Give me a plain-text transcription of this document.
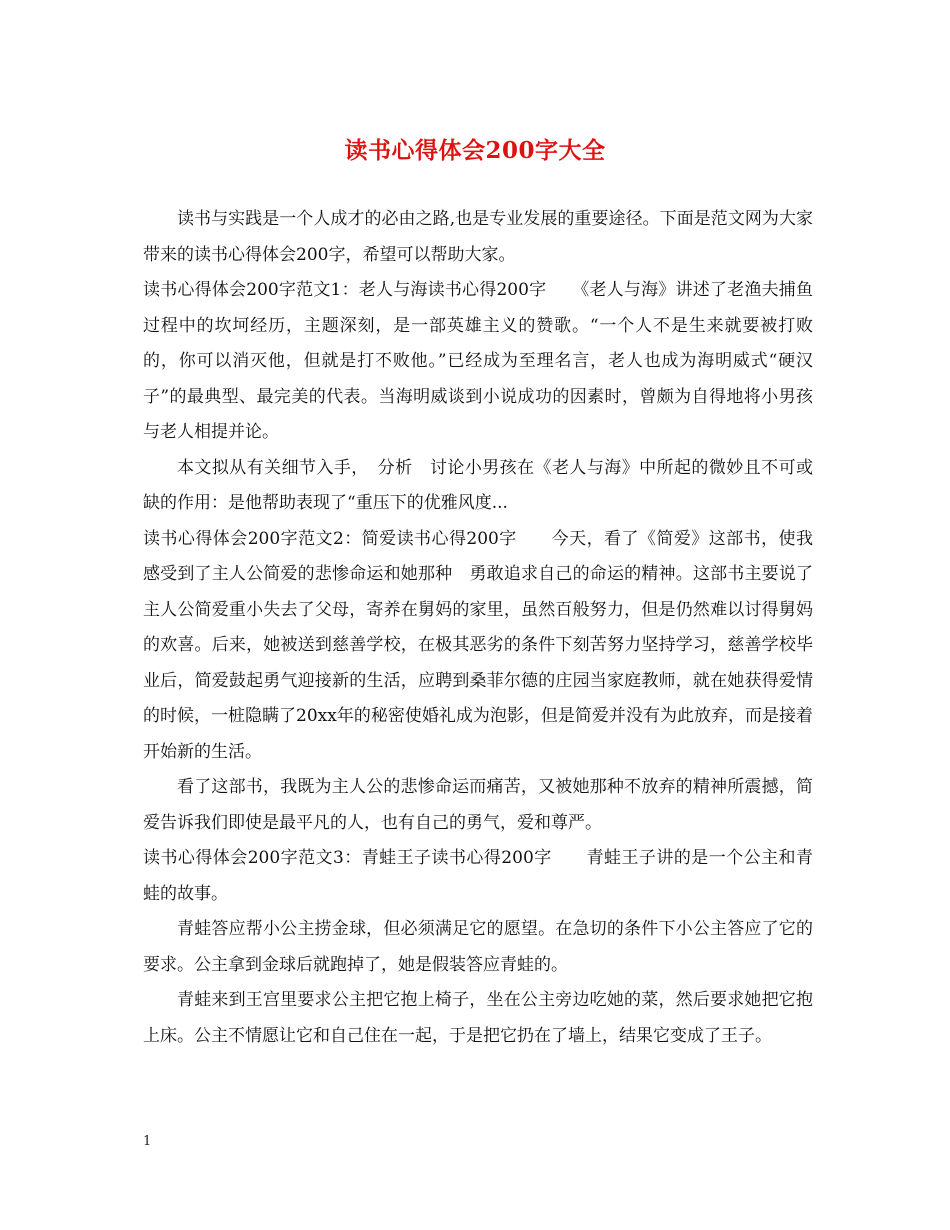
读书心得体会200字大全

读书与实践是一个人成才的必由之路,也是专业发展的重要途径。下面是范文网为大家带来的读书心得体会200字，希望可以帮助大家。

读书心得体会200字范文1：老人与海读书心得200字　　《老人与海》讲述了老渔夫捕鱼过程中的坎坷经历，主题深刻，是一部英雄主义的赞歌。“一个人不是生来就要被打败的，你可以消灭他，但就是打不败他。”已经成为至理名言，老人也成为海明威式“硬汉子”的最典型、最完美的代表。当海明威谈到小说成功的因素时，曾颇为自得地将小男孩与老人相提并论。

本文拟从有关细节入手，　分析　讨论小男孩在《老人与海》中所起的微妙且不可或缺的作用：是他帮助表现了“重压下的优雅风度...

读书心得体会200字范文2：简爱读书心得200字　　今天，看了《简爱》这部书，使我感受到了主人公简爱的悲惨命运和她那种　勇敢追求自己的命运的精神。这部书主要说了主人公简爱重小失去了父母，寄养在舅妈的家里，虽然百般努力，但是仍然难以讨得舅妈的欢喜。后来，她被送到慈善学校，在极其恶劣的条件下刻苦努力坚持学习，慈善学校毕业后，简爱鼓起勇气迎接新的生活，应聘到桑菲尔德的庄园当家庭教师，就在她获得爱情的时候，一桩隐瞒了20xx年的秘密使婚礼成为泡影，但是简爱并没有为此放弃，而是接着开始新的生活。

看了这部书，我既为主人公的悲惨命运而痛苦，又被她那种不放弃的精神所震撼，简爱告诉我们即使是最平凡的人，也有自己的勇气，爱和尊严。

读书心得体会200字范文3：青蛙王子读书心得200字　　青蛙王子讲的是一个公主和青蛙的故事。

青蛙答应帮小公主捞金球，但必须满足它的愿望。在急切的条件下小公主答应了它的要求。公主拿到金球后就跑掉了，她是假装答应青蛙的。

青蛙来到王宫里要求公主把它抱上椅子，坐在公主旁边吃她的菜，然后要求她把它抱上床。公主不情愿让它和自己住在一起，于是把它扔在了墙上，结果它变成了王子。

1
